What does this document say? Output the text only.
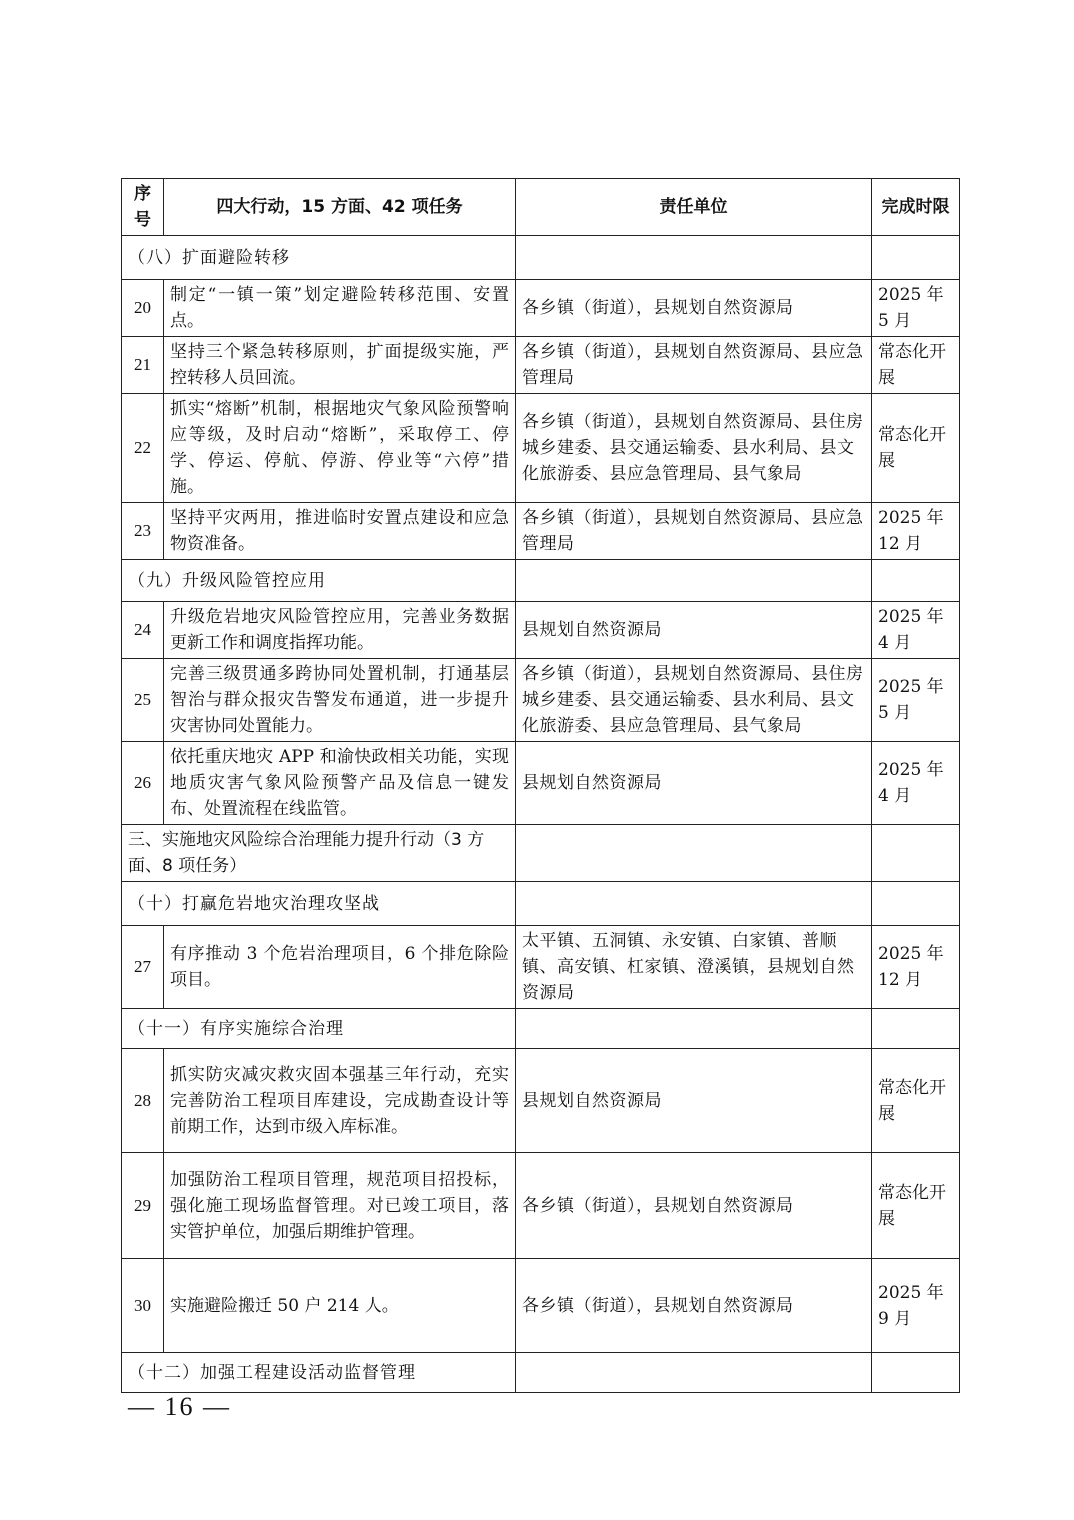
序号	四大行动，15 方面、42 项任务	责任单位	完成时限
（八）扩面避险转移			
20	制定“一镇一策”划定避险转移范围、安置点。	各乡镇（街道），县规划自然资源局	2025 年 5 月
21	坚持三个紧急转移原则，扩面提级实施，严控转移人员回流。	各乡镇（街道），县规划自然资源局、县应急管理局	常态化开展
22	抓实“熔断”机制，根据地灾气象风险预警响应等级，及时启动“熔断”，采取停工、停学、停运、停航、停游、停业等“六停”措施。	各乡镇（街道），县规划自然资源局、县住房城乡建委、县交通运输委、县水利局、县文化旅游委、县应急管理局、县气象局	常态化开展
23	坚持平灾两用，推进临时安置点建设和应急物资准备。	各乡镇（街道），县规划自然资源局、县应急管理局	2025 年 12 月
（九）升级风险管控应用			
24	升级危岩地灾风险管控应用，完善业务数据更新工作和调度指挥功能。	县规划自然资源局	2025 年 4 月
25	完善三级贯通多跨协同处置机制，打通基层智治与群众报灾告警发布通道，进一步提升灾害协同处置能力。	各乡镇（街道），县规划自然资源局、县住房城乡建委、县交通运输委、县水利局、县文化旅游委、县应急管理局、县气象局	2025 年 5 月
26	依托重庆地灾 APP 和渝快政相关功能，实现地质灾害气象风险预警产品及信息一键发布、处置流程在线监管。	县规划自然资源局	2025 年 4 月
三、实施地灾风险综合治理能力提升行动（3 方面、8 项任务）			
（十）打赢危岩地灾治理攻坚战			
27	有序推动 3 个危岩治理项目，6 个排危除险项目。	太平镇、五洞镇、永安镇、白家镇、普顺镇、高安镇、杠家镇、澄溪镇，县规划自然资源局	2025 年 12 月
（十一）有序实施综合治理			
28	抓实防灾减灾救灾固本强基三年行动，充实完善防治工程项目库建设，完成勘查设计等前期工作，达到市级入库标准。	县规划自然资源局	常态化开展
29	加强防治工程项目管理，规范项目招投标，强化施工现场监督管理。对已竣工项目，落实管护单位，加强后期维护管理。	各乡镇（街道），县规划自然资源局	常态化开展
30	实施避险搬迁 50 户 214 人。	各乡镇（街道），县规划自然资源局	2025 年 9 月
（十二）加强工程建设活动监督管理			
— 16 —
